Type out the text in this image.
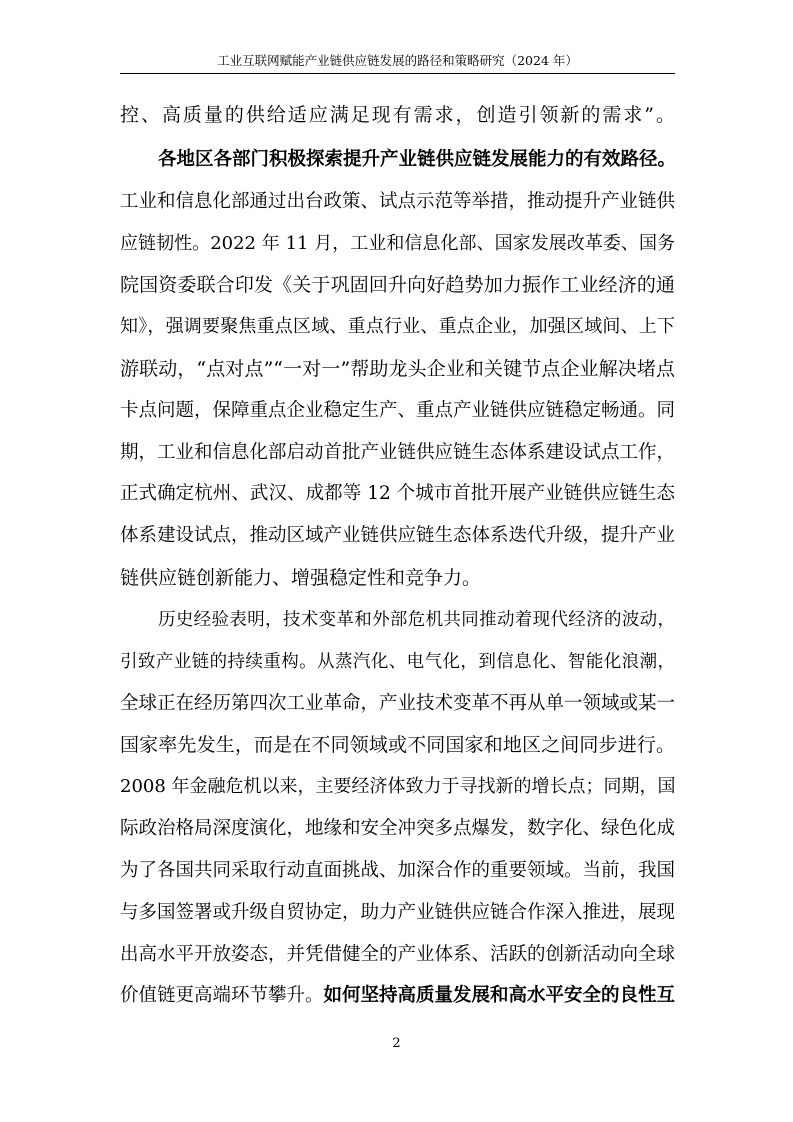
工业互联网赋能产业链供应链发展的路径和策略研究（2024 年）
控、高质量的供给适应满足现有需求，创造引领新的需求”。
各地区各部门积极探索提升产业链供应链发展能力的有效路径。
工业和信息化部通过出台政策、试点示范等举措，推动提升产业链供
应链韧性。2022 年 11 月，工业和信息化部、国家发展改革委、国务
院国资委联合印发《关于巩固回升向好趋势加力振作工业经济的通
知》，强调要聚焦重点区域、重点行业、重点企业，加强区域间、上下
游联动，“点对点”“一对一”帮助龙头企业和关键节点企业解决堵点
卡点问题，保障重点企业稳定生产、重点产业链供应链稳定畅通。同
期，工业和信息化部启动首批产业链供应链生态体系建设试点工作，
正式确定杭州、武汉、成都等 12 个城市首批开展产业链供应链生态
体系建设试点，推动区域产业链供应链生态体系迭代升级，提升产业
链供应链创新能力、增强稳定性和竞争力。
历史经验表明，技术变革和外部危机共同推动着现代经济的波动，
引致产业链的持续重构。从蒸汽化、电气化，到信息化、智能化浪潮，
全球正在经历第四次工业革命，产业技术变革不再从单一领域或某一
国家率先发生，而是在不同领域或不同国家和地区之间同步进行。
2008 年金融危机以来，主要经济体致力于寻找新的增长点；同期，国
际政治格局深度演化，地缘和安全冲突多点爆发，数字化、绿色化成
为了各国共同采取行动直面挑战、加深合作的重要领域。当前，我国
与多国签署或升级自贸协定，助力产业链供应链合作深入推进，展现
出高水平开放姿态，并凭借健全的产业体系、活跃的创新活动向全球
价值链更高端环节攀升。如何坚持高质量发展和高水平安全的良性互
2
